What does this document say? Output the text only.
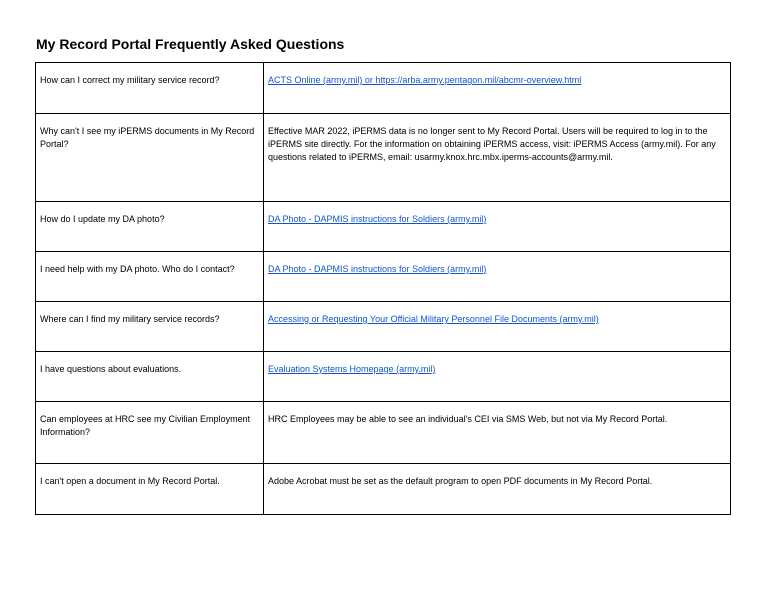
My Record Portal Frequently Asked Questions
How can I correct my military service record?	ACTS Online (army.mil) or https://arba.army.pentagon.mil/abcmr-overview.html
Why can't I see my iPERMS documents in My Record Portal?	Effective MAR 2022, iPERMS data is no longer sent to My Record Portal. Users will be required to log in to the iPERMS site directly. For the information on obtaining iPERMS access, visit: iPERMS Access (army.mil). For any questions related to iPERMS, email: usarmy.knox.hrc.mbx.iperms-accounts@army.mil.
How do I update my DA photo?	DA Photo - DAPMIS instructions for Soldiers (army.mil)
I need help with my DA photo. Who do I contact?	DA Photo - DAPMIS instructions for Soldiers (army.mil)
Where can I find my military service records?	Accessing or Requesting Your Official Military Personnel File Documents (army.mil)
I have questions about evaluations.	Evaluation Systems Homepage (army.mil)
Can employees at HRC see my Civilian Employment Information?	HRC Employees may be able to see an individual's CEI via SMS Web, but not via My Record Portal.
I can't open a document in My Record Portal.	Adobe Acrobat must be set as the default program to open PDF documents in My Record Portal.
